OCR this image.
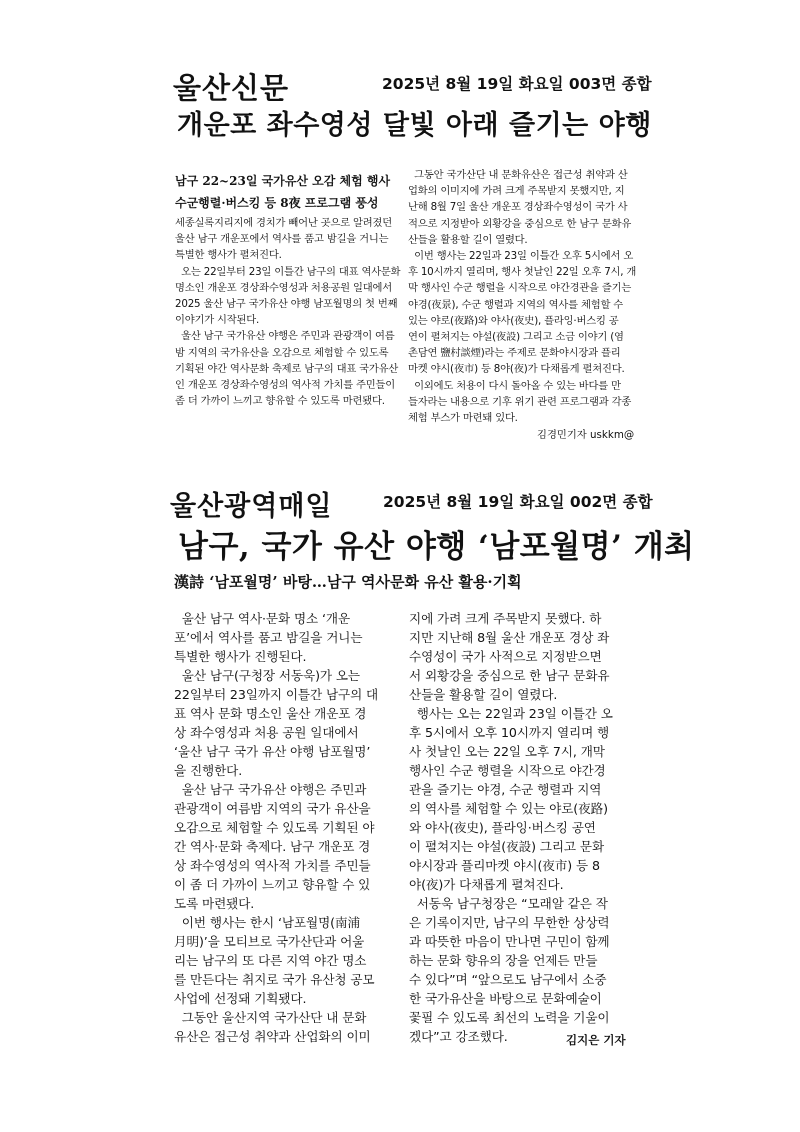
울산신문	2025년 8월 19일 화요일 003면 종합
개운포 좌수영성 달빛 아래 즐기는 야행
남구 22~23일 국가유산 오감 체험 행사
수군행렬·버스킹 등 8夜 프로그램 풍성
세종실록지리지에 경치가 빼어난 곳으로 알려졌던
울산 남구 개운포에서 역사를 품고 밤길을 거니는
특별한 행사가 펼쳐진다.
오는 22일부터 23일 이틀간 남구의 대표 역사문화
명소인 개운포 경상좌수영성과 처용공원 일대에서
2025 울산 남구 국가유산 야행 남포월명의 첫 번째
이야기가 시작된다.
울산 남구 국가유산 야행은 주민과 관광객이 여름
밤 지역의 국가유산을 오감으로 체험할 수 있도록
기획된 야간 역사문화 축제로 남구의 대표 국가유산
인 개운포 경상좌수영성의 역사적 가치를 주민들이
좀 더 가까이 느끼고 향유할 수 있도록 마련됐다.
그동안 국가산단 내 문화유산은 접근성 취약과 산
업화의 이미지에 가려 크게 주목받지 못했지만, 지
난해 8월 7일 울산 개운포 경상좌수영성이 국가 사
적으로 지정받아 외황강을 중심으로 한 남구 문화유
산들을 활용할 길이 열렸다.
이번 행사는 22일과 23일 이틀간 오후 5시에서 오
후 10시까지 열리며, 행사 첫날인 22일 오후 7시, 개
막 행사인 수군 행렬을 시작으로 야간경관을 즐기는
야경(夜景), 수군 행렬과 지역의 역사를 체험할 수
있는 야로(夜路)와 야사(夜史), 플라잉·버스킹 공
연이 펼쳐지는 야설(夜設) 그리고 소금 이야기 (염
촌담연 鹽村談煙)라는 주제로 문화야시장과 플리
마켓 야시(夜市) 등 8야(夜)가 다채롭게 펼쳐진다.
이외에도 처용이 다시 돌아올 수 있는 바다를 만
들자라는 내용으로 기후 위기 관련 프로그램과 각종
체험 부스가 마련돼 있다.
김경민기자 uskkm@
울산광역매일	2025년 8월 19일 화요일 002면 종합
남구, 국가 유산 야행 ‘남포월명’ 개최
漢詩 ‘남포월명’ 바탕…남구 역사문화 유산 활용·기획
울산 남구 역사·문화 명소 ‘개운
포’에서 역사를 품고 밤길을 거니는
특별한 행사가 진행된다.
울산 남구(구청장 서동욱)가 오는
22일부터 23일까지 이틀간 남구의 대
표 역사 문화 명소인 울산 개운포 경
상 좌수영성과 처용 공원 일대에서
‘울산 남구 국가 유산 야행 남포월명’
을 진행한다.
울산 남구 국가유산 야행은 주민과
관광객이 여름밤 지역의 국가 유산을
오감으로 체험할 수 있도록 기획된 야
간 역사·문화 축제다. 남구 개운포 경
상 좌수영성의 역사적 가치를 주민들
이 좀 더 가까이 느끼고 향유할 수 있
도록 마련됐다.
이번 행사는 한시 ‘남포월명(南浦
月明)’을 모티브로 국가산단과 어울
리는 남구의 또 다른 지역 야간 명소
를 만든다는 취지로 국가 유산청 공모
사업에 선정돼 기획됐다.
그동안 울산지역 국가산단 내 문화
유산은 접근성 취약과 산업화의 이미
지에 가려 크게 주목받지 못했다. 하
지만 지난해 8월 울산 개운포 경상 좌
수영성이 국가 사적으로 지정받으면
서 외황강을 중심으로 한 남구 문화유
산들을 활용할 길이 열렸다.
행사는 오는 22일과 23일 이틀간 오
후 5시에서 오후 10시까지 열리며 행
사 첫날인 오는 22일 오후 7시, 개막
행사인 수군 행렬을 시작으로 야간경
관을 즐기는 야경, 수군 행렬과 지역
의 역사를 체험할 수 있는 야로(夜路)
와 야사(夜史), 플라잉·버스킹 공연
이 펼쳐지는 야설(夜設) 그리고 문화
야시장과 플리마켓 야시(夜市) 등 8
야(夜)가 다채롭게 펼쳐진다.
서동욱 남구청장은 “모래알 같은 작
은 기록이지만, 남구의 무한한 상상력
과 따뜻한 마음이 만나면 구민이 함께
하는 문화 향유의 장을 언제든 만들
수 있다”며 “앞으로도 남구에서 소중
한 국가유산을 바탕으로 문화예술이
꽃필 수 있도록 최선의 노력을 기울이
겠다”고 강조했다.	김지은 기자
